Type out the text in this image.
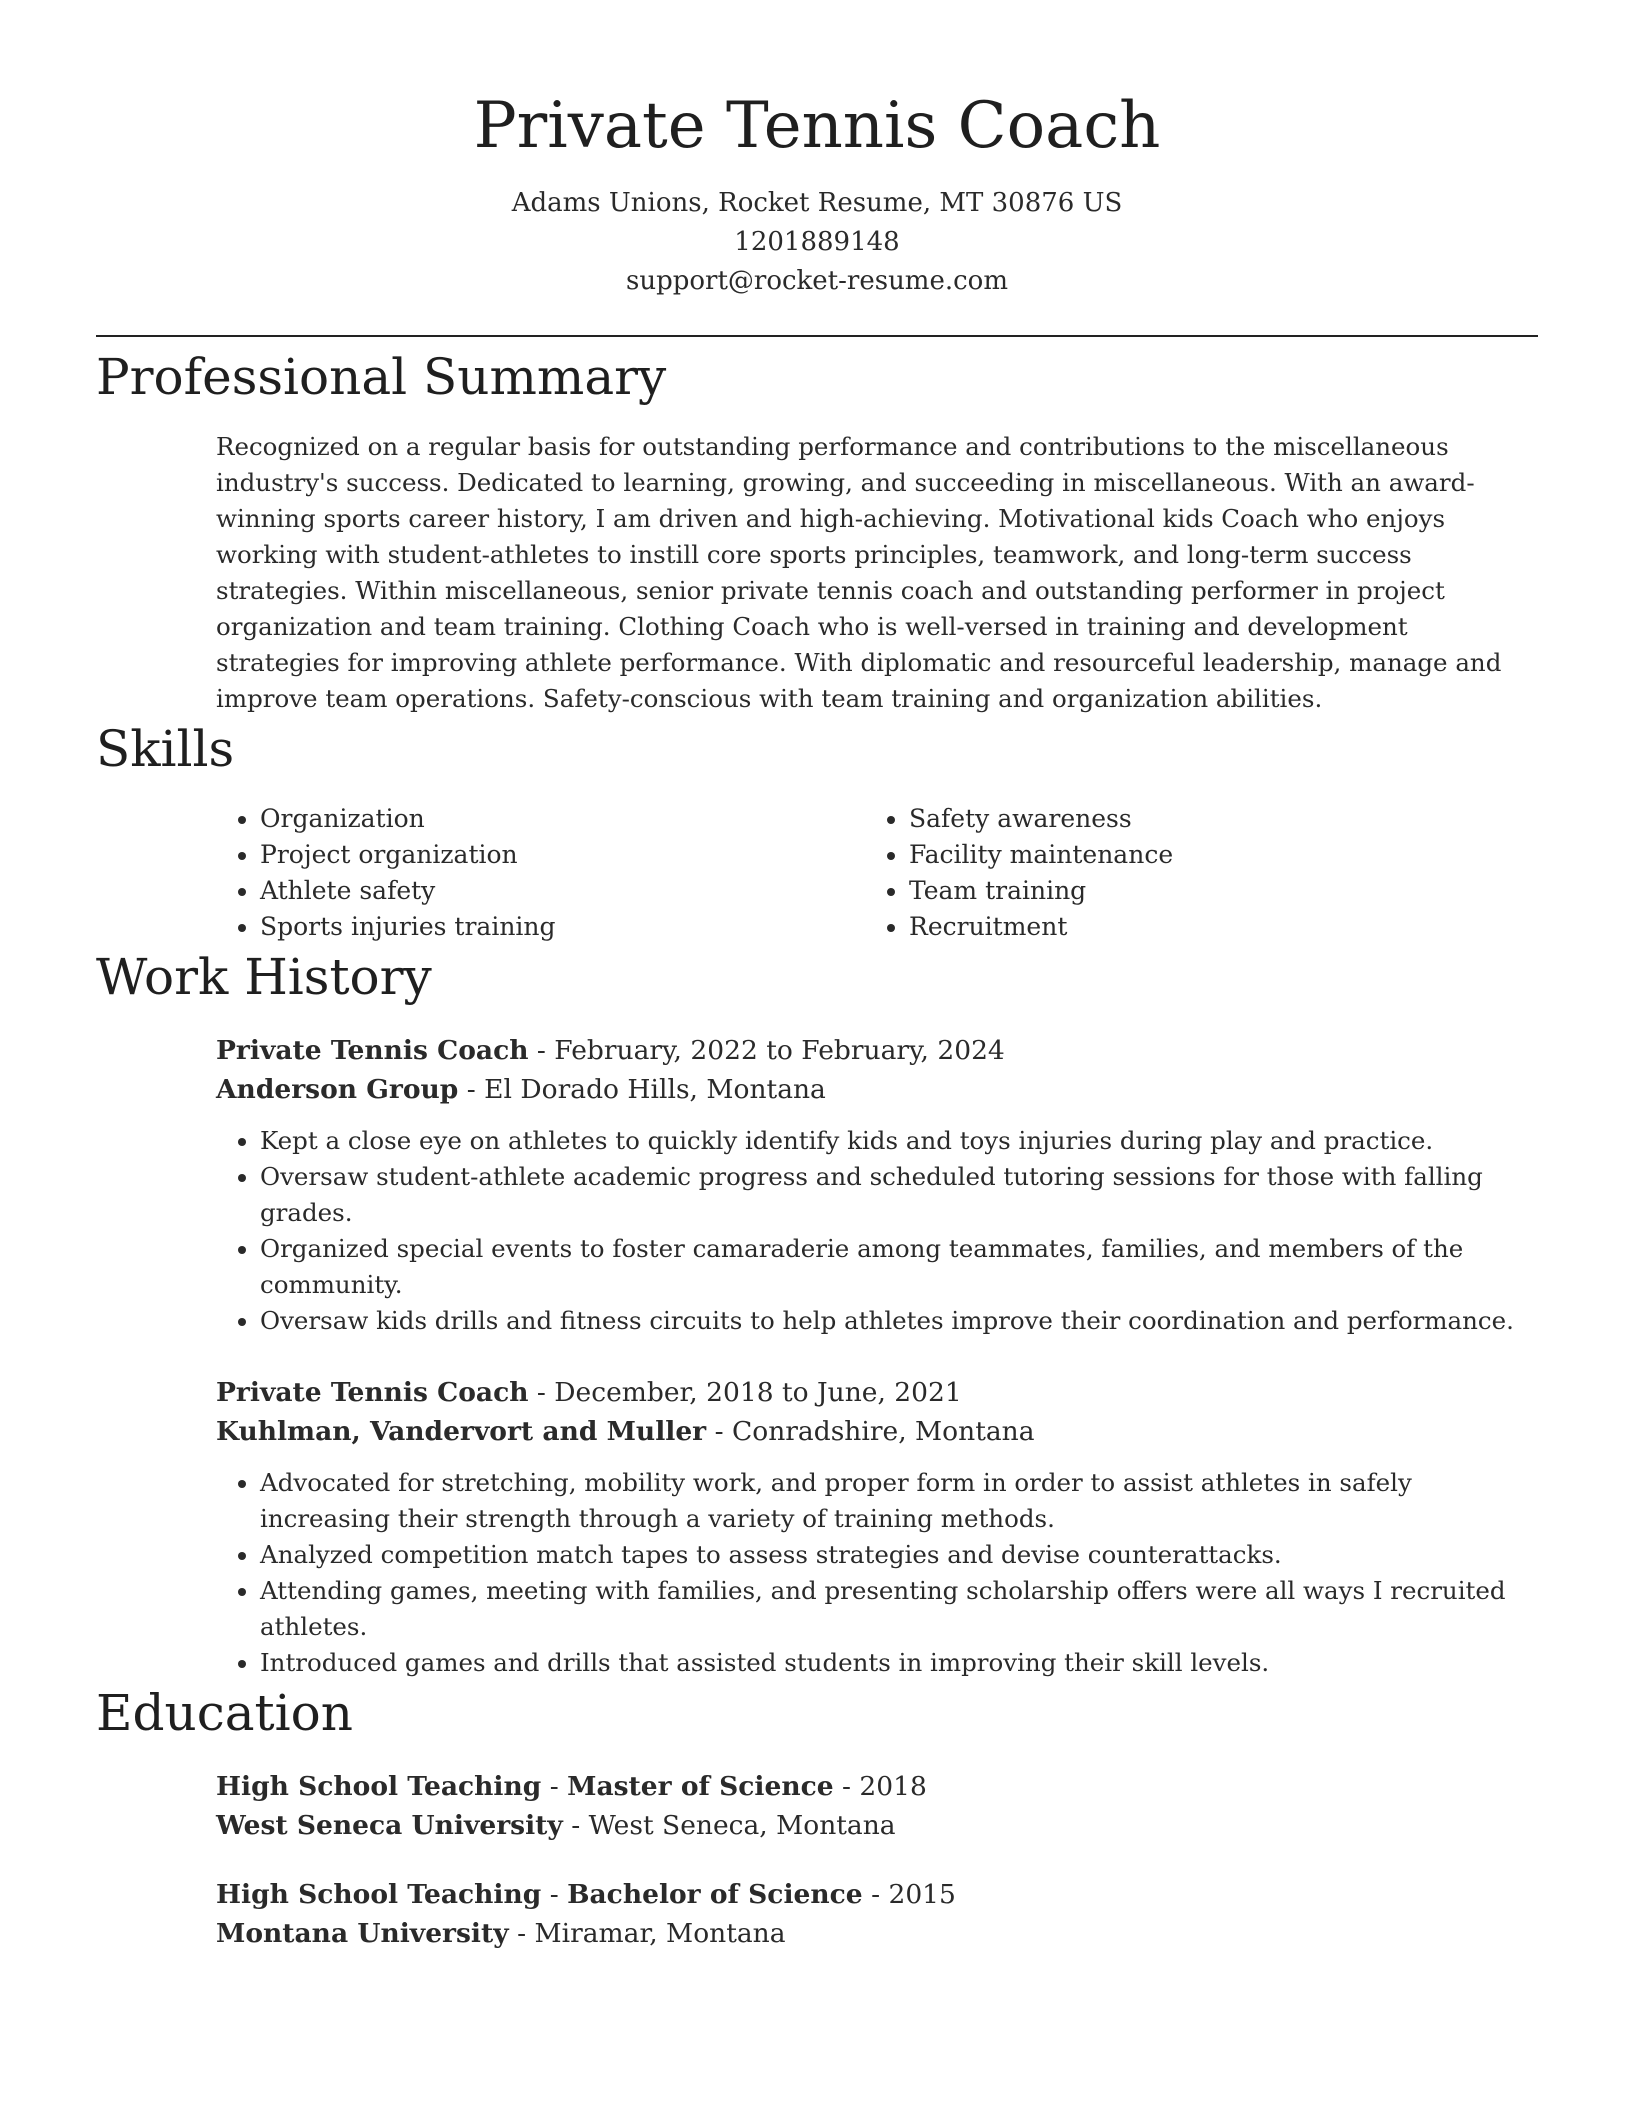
Private Tennis Coach
Adams Unions, Rocket Resume, MT 30876 US
1201889148
support@rocket-resume.com
Professional Summary
Recognized on a regular basis for outstanding performance and contributions to the miscellaneous industry's success. Dedicated to learning, growing, and succeeding in miscellaneous. With an award-winning sports career history, I am driven and high-achieving. Motivational kids Coach who enjoys working with student-athletes to instill core sports principles, teamwork, and long-term success strategies. Within miscellaneous, senior private tennis coach and outstanding performer in project organization and team training. Clothing Coach who is well-versed in training and development strategies for improving athlete performance. With diplomatic and resourceful leadership, manage and improve team operations. Safety-conscious with team training and organization abilities.
Skills
• Organization
• Project organization
• Athlete safety
• Sports injuries training
• Safety awareness
• Facility maintenance
• Team training
• Recruitment
Work History
Private Tennis Coach - February, 2022 to February, 2024
Anderson Group - El Dorado Hills, Montana
• Kept a close eye on athletes to quickly identify kids and toys injuries during play and practice.
• Oversaw student-athlete academic progress and scheduled tutoring sessions for those with falling grades.
• Organized special events to foster camaraderie among teammates, families, and members of the community.
• Oversaw kids drills and fitness circuits to help athletes improve their coordination and performance.
Private Tennis Coach - December, 2018 to June, 2021
Kuhlman, Vandervort and Muller - Conradshire, Montana
• Advocated for stretching, mobility work, and proper form in order to assist athletes in safely increasing their strength through a variety of training methods.
• Analyzed competition match tapes to assess strategies and devise counterattacks.
• Attending games, meeting with families, and presenting scholarship offers were all ways I recruited athletes.
• Introduced games and drills that assisted students in improving their skill levels.
Education
High School Teaching - Master of Science - 2018
West Seneca University - West Seneca, Montana
High School Teaching - Bachelor of Science - 2015
Montana University - Miramar, Montana
